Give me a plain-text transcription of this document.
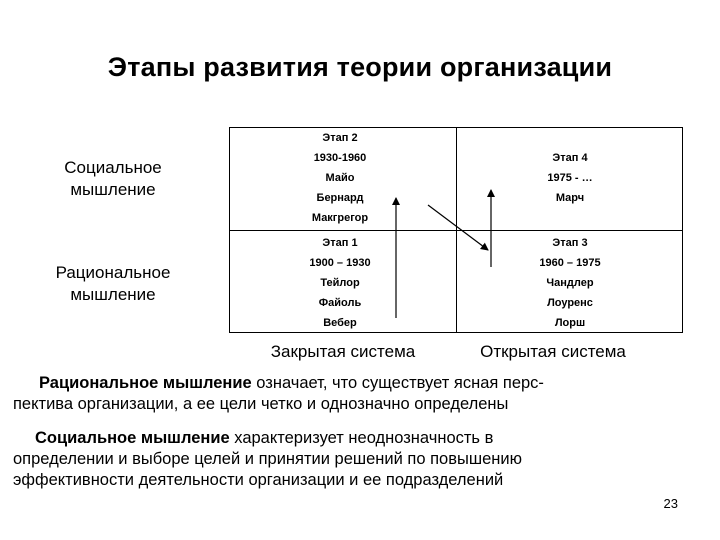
Этапы развития теории организации
Социальное
мышление
Рациональное
мышление
Этап 2
1930-1960
Майо
Бернард
Макгрегор
Этап 4
1975 - …
Марч
Этап 1
1900 – 1930
Тейлор
Файоль
Вебер
Этап 3
1960 – 1975
Чандлер
Лоуренс
Лорш
Закрытая система	Открытая система
Рациональное мышление означает, что существует ясная перс-
пектива организации, а ее цели четко и однозначно определены
Социальное мышление характеризует неоднозначность в
определении и выборе целей и принятии решений по повышению
эффективности деятельности организации и ее подразделений
23
